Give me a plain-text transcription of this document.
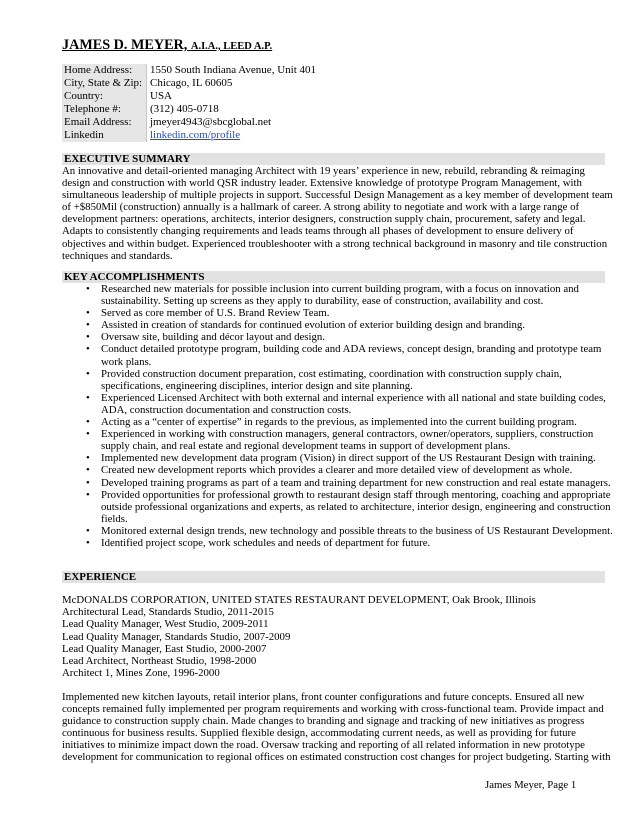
JAMES D. MEYER, A.I.A., LEED A.P.
Home Address:	1550 South Indiana Avenue, Unit 401
City, State & Zip:	Chicago, IL 60605
Country:	USA
Telephone #:	(312) 405-0718
Email Address:	jmeyer4943@sbcglobal.net
Linkedin	linkedin.com/profile
EXECUTIVE SUMMARY
An innovative and detail-oriented managing Architect with 19 years’ experience in new, rebuild, rebranding & reimaging
design and construction with world QSR industry leader. Extensive knowledge of prototype Program Management, with
simultaneous leadership of multiple projects in support. Successful Design Management as a key member of development team
of +$850Mil (construction) annually is a hallmark of career. A strong ability to negotiate and work with a large range of
development partners: operations, architects, interior designers, construction supply chain, procurement, safety and legal.
Adapts to consistently changing requirements and leads teams through all phases of development to ensure delivery of
objectives and within budget. Experienced troubleshooter with a strong technical background in masonry and tile construction
techniques and standards.
KEY ACCOMPLISHMENTS
• Researched new materials for possible inclusion into current building program, with a focus on innovation and
sustainability. Setting up screens as they apply to durability, ease of construction, availability and cost.
• Served as core member of U.S. Brand Review Team.
• Assisted in creation of standards for continued evolution of exterior building design and branding.
• Oversaw site, building and décor layout and design.
• Conduct detailed prototype program, building code and ADA reviews, concept design, branding and prototype team
work plans.
• Provided construction document preparation, cost estimating, coordination with construction supply chain,
specifications, engineering disciplines, interior design and site planning.
• Experienced Licensed Architect with both external and internal experience with all national and state building codes,
ADA, construction documentation and construction costs.
• Acting as a “center of expertise” in regards to the previous, as implemented into the current building program.
• Experienced in working with construction managers, general contractors, owner/operators, suppliers, construction
supply chain, and real estate and regional development teams in support of development plans.
• Implemented new development data program (Vision) in direct support of the US Restaurant Design with training.
• Created new development reports which provides a clearer and more detailed view of development as whole.
• Developed training programs as part of a team and training department for new construction and real estate managers.
• Provided opportunities for professional growth to restaurant design staff through mentoring, coaching and appropriate
outside professional organizations and experts, as related to architecture, interior design, engineering and construction
fields.
• Monitored external design trends, new technology and possible threats to the business of US Restaurant Development.
• Identified project scope, work schedules and needs of department for future.
EXPERIENCE
McDONALDS CORPORATION, UNITED STATES RESTAURANT DEVELOPMENT, Oak Brook, Illinois
Architectural Lead, Standards Studio, 2011-2015
Lead Quality Manager, West Studio, 2009-2011
Lead Quality Manager, Standards Studio, 2007-2009
Lead Quality Manager, East Studio, 2000-2007
Lead Architect, Northeast Studio, 1998-2000
Architect 1, Mines Zone, 1996-2000
Implemented new kitchen layouts, retail interior plans, front counter configurations and future concepts. Ensured all new
concepts remained fully implemented per program requirements and working with cross-functional team. Provide impact and
guidance to construction supply chain. Made changes to branding and signage and tracking of new initiatives as progress
continuous for business results. Supplied flexible design, accommodating current needs, as well as providing for future
initiatives to minimize impact down the road. Oversaw tracking and reporting of all related information in new prototype
development for communication to regional offices on estimated construction cost changes for project budgeting. Starting with
James Meyer, Page 1
